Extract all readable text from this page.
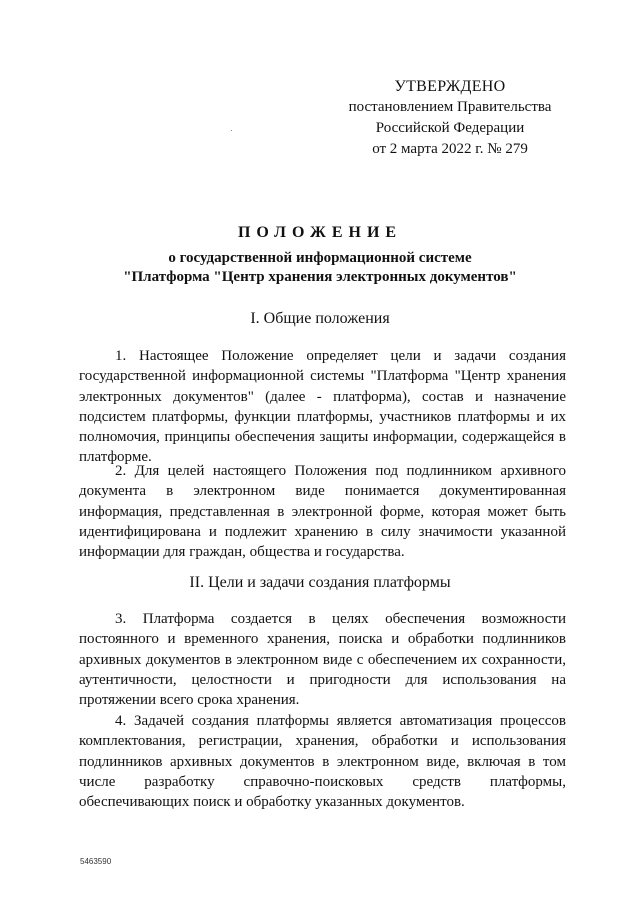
УТВЕРЖДЕНО
постановлением Правительства
Российской Федерации
от 2 марта 2022 г. № 279
ПОЛОЖЕНИЕ
о государственной информационной системе
"Платформа "Центр хранения электронных документов"
I. Общие положения

1. Настоящее Положение определяет цели и задачи создания государственной информационной системы "Платформа "Центр хранения электронных документов" (далее - платформа), состав и назначение подсистем платформы, функции платформы, участников платформы и их полномочия, принципы обеспечения защиты информации, содержащейся в платформе.

2. Для целей настоящего Положения под подлинником архивного документа в электронном виде понимается документированная информация, представленная в электронной форме, которая может быть идентифицирована и подлежит хранению в силу значимости указанной информации для граждан, общества и государства.

II. Цели и задачи создания платформы

3. Платформа создается в целях обеспечения возможности постоянного и временного хранения, поиска и обработки подлинников архивных документов в электронном виде с обеспечением их сохранности, аутентичности, целостности и пригодности для использования на протяжении всего срока хранения.

4. Задачей создания платформы является автоматизация процессов комплектования, регистрации, хранения, обработки и использования подлинников архивных документов в электронном виде, включая в том числе разработку справочно-поисковых средств платформы, обеспечивающих поиск и обработку указанных документов.

5463590
